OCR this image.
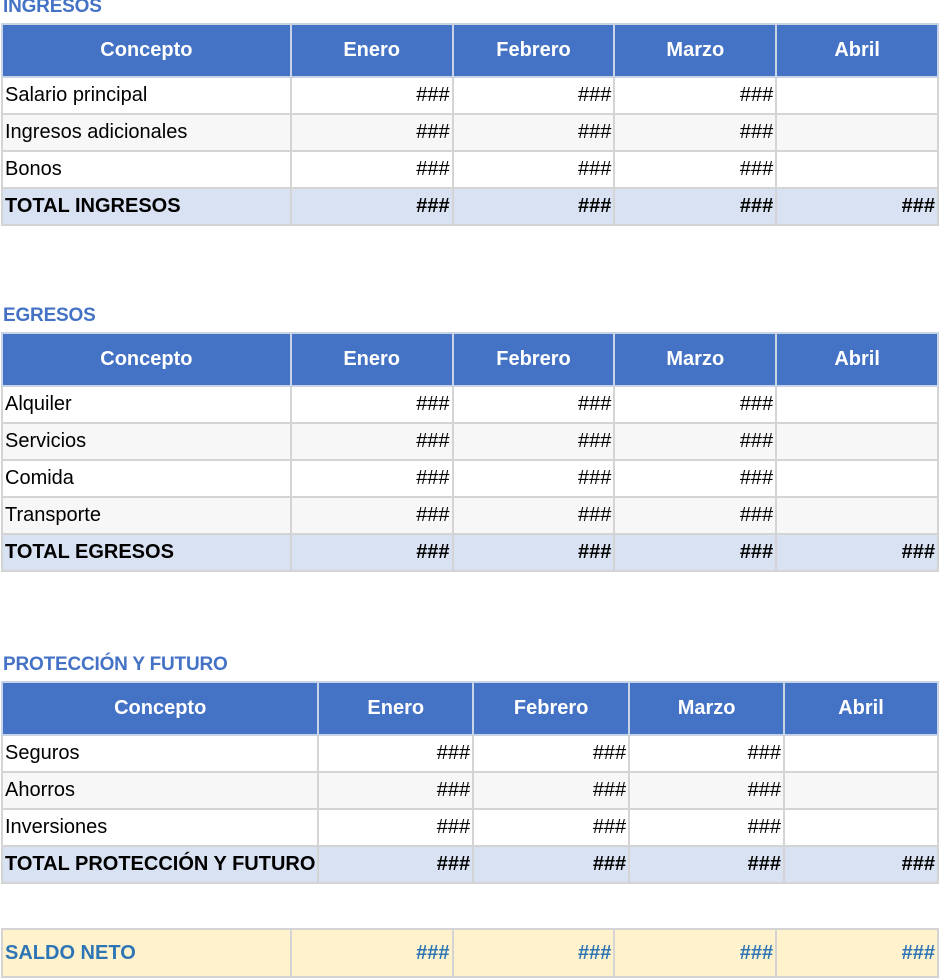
INGRESOS
Concepto	Enero	Febrero	Marzo	Abril
Salario principal	###	###	###	
Ingresos adicionales	###	###	###	
Bonos	###	###	###	
TOTAL INGRESOS	###	###	###	###
EGRESOS
Concepto	Enero	Febrero	Marzo	Abril
Alquiler	###	###	###	
Servicios	###	###	###	
Comida	###	###	###	
Transporte	###	###	###	
TOTAL EGRESOS	###	###	###	###
PROTECCIÓN Y FUTURO
Concepto	Enero	Febrero	Marzo	Abril
Seguros	###	###	###	
Ahorros	###	###	###	
Inversiones	###	###	###	
TOTAL PROTECCIÓN Y FUTURO	###	###	###	###
SALDO NETO	###	###	###	###
